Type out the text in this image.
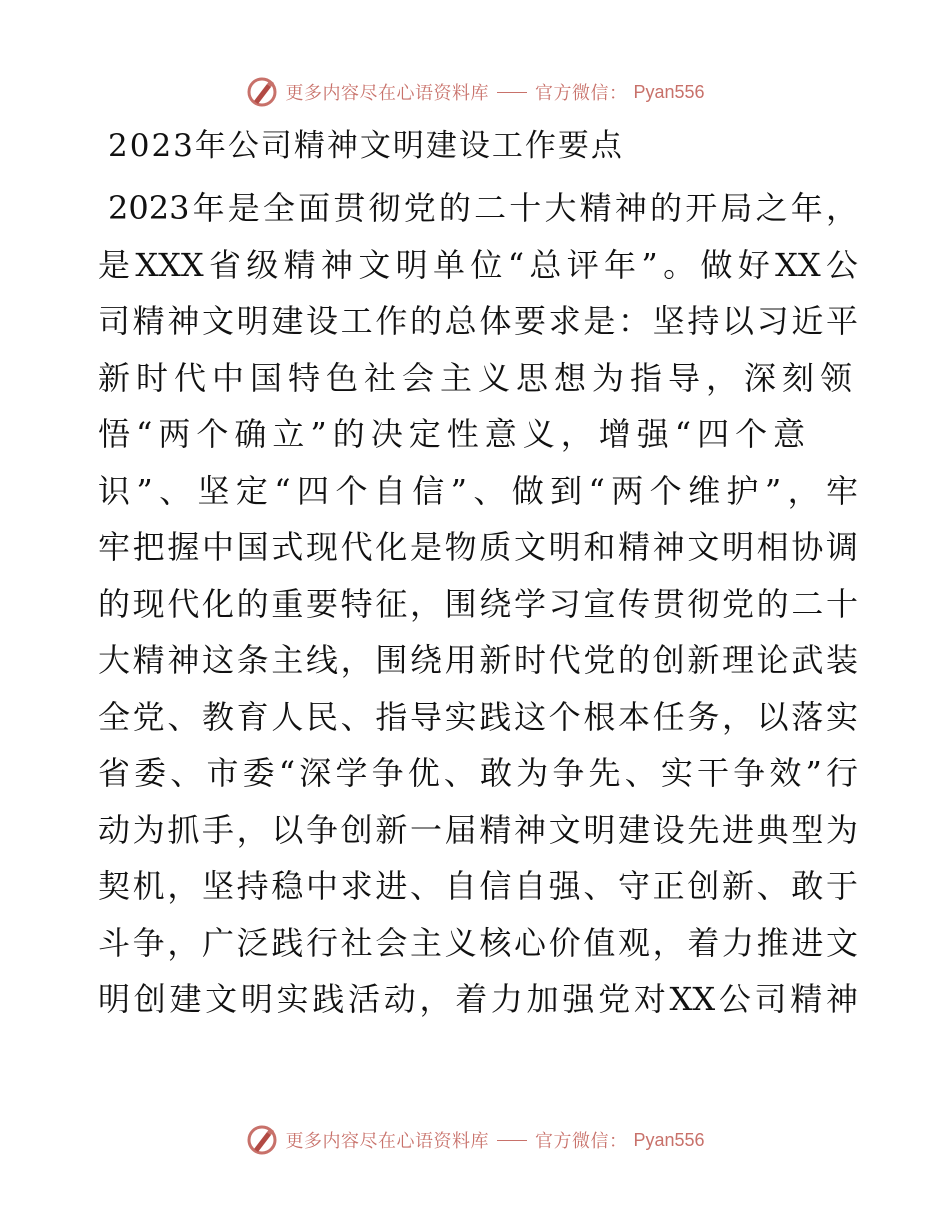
更多内容尽在心语资料库	官方微信： Pyan556
2023年公司精神文明建设工作要点
2023年是全面贯彻党的二十大精神的开局之年，
是XXX省级精神文明单位“总评年”。做好XX公
司精神文明建设工作的总体要求是：坚持以习近平
新时代中国特色社会主义思想为指导，深刻领
悟“两个确立”的决定性意义，增强“四个意
识”、坚定“四个自信”、做到“两个维护”，牢
牢把握中国式现代化是物质文明和精神文明相协调
的现代化的重要特征，围绕学习宣传贯彻党的二十
大精神这条主线，围绕用新时代党的创新理论武装
全党、教育人民、指导实践这个根本任务，以落实
省委、市委“深学争优、敢为争先、实干争效”行
动为抓手，以争创新一届精神文明建设先进典型为
契机，坚持稳中求进、自信自强、守正创新、敢于
斗争，广泛践行社会主义核心价值观，着力推进文
明创建文明实践活动，着力加强党对XX公司精神
更多内容尽在心语资料库	官方微信： Pyan556
